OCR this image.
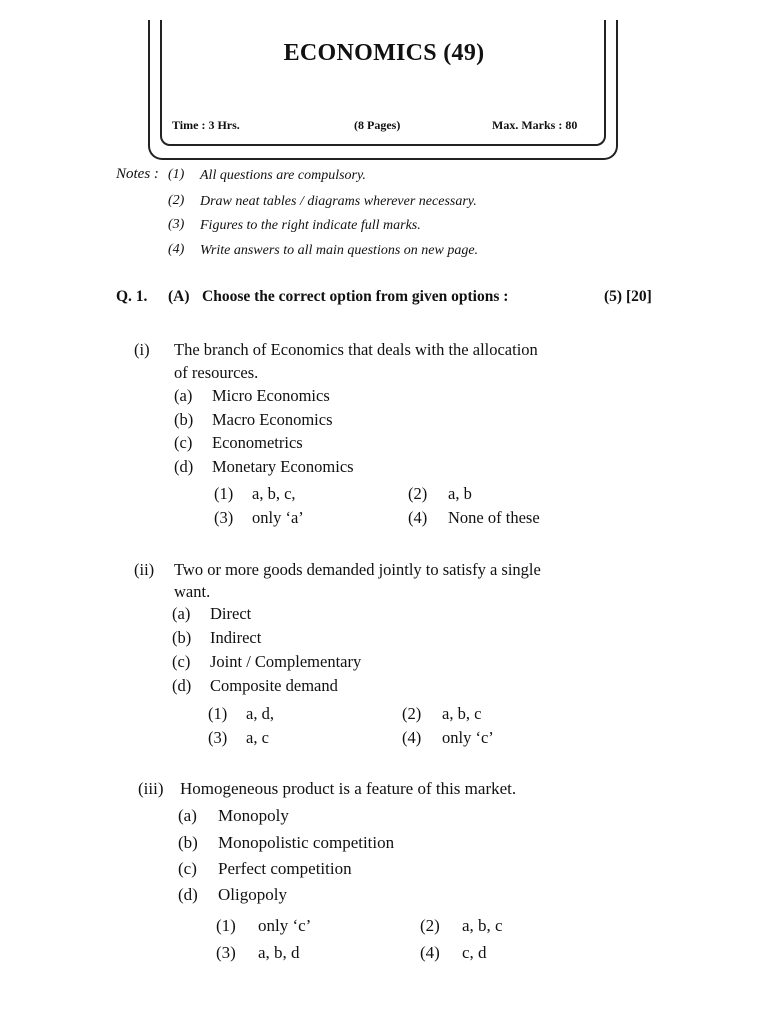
ECONOMICS (49)
Time : 3 Hrs.	(8 Pages)	Max. Marks : 80
Notes : (1) All questions are compulsory.
(2) Draw neat tables / diagrams wherever necessary.
(3) Figures to the right indicate full marks.
(4) Write answers to all main questions on new page.
Q. 1. (A) Choose the correct option from given options :	(5) [20]
(i) The branch of Economics that deals with the allocation
of resources.
(a) Micro Economics
(b) Macro Economics
(c) Econometrics
(d) Monetary Economics
(1) a, b, c,	(2) a, b
(3) only ‘a’	(4) None of these
(ii) Two or more goods demanded jointly to satisfy a single
want.
(a) Direct
(b) Indirect
(c) Joint / Complementary
(d) Composite demand
(1) a, d,	(2) a, b, c
(3) a, c	(4) only ‘c’
(iii) Homogeneous product is a feature of this market.
(a) Monopoly
(b) Monopolistic competition
(c) Perfect competition
(d) Oligopoly
(1) only ‘c’	(2) a, b, c
(3) a, b, d	(4) c, d
